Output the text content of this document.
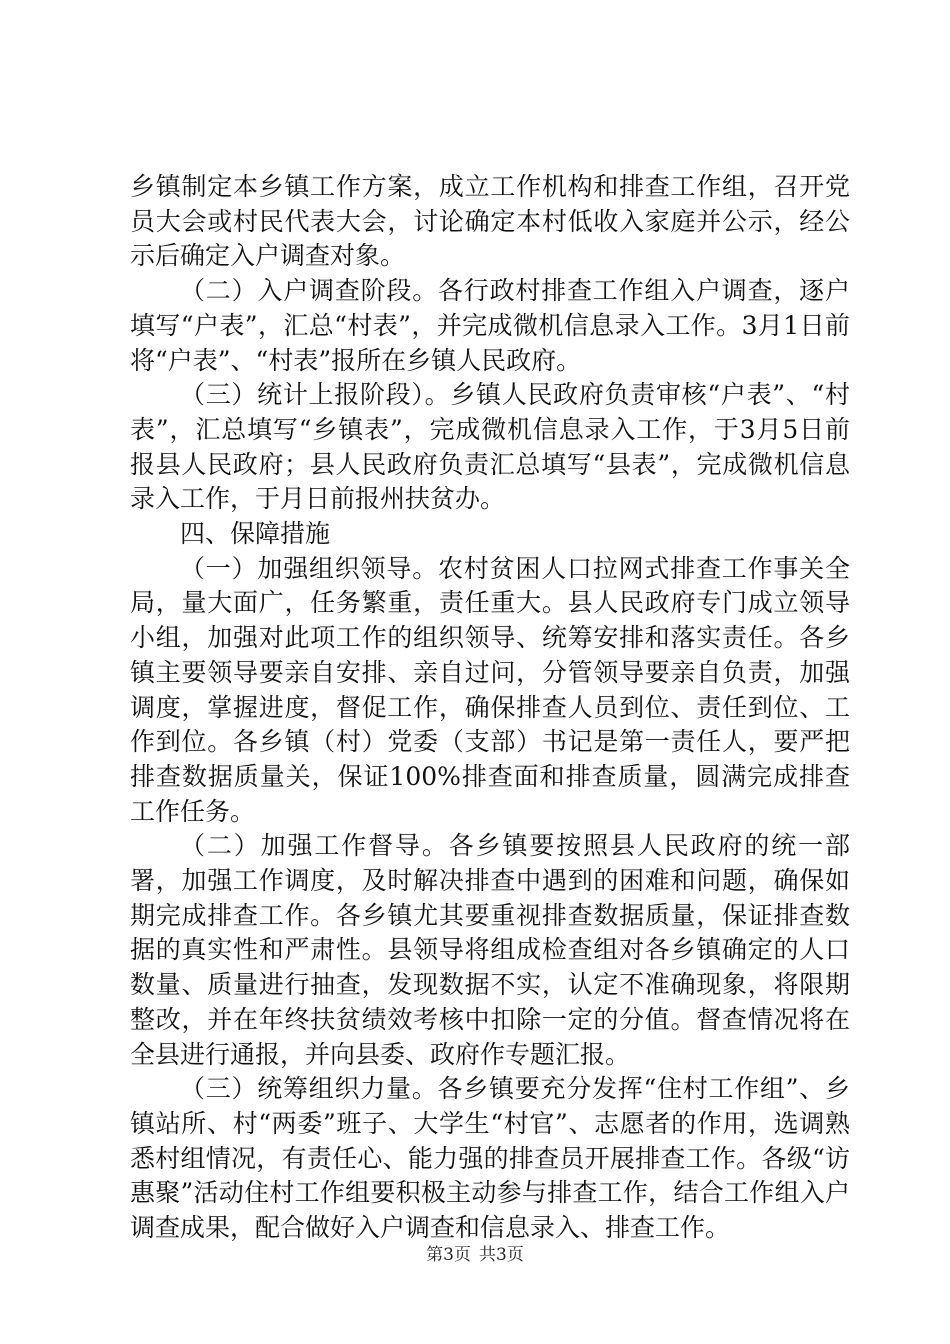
乡镇制定本乡镇工作方案，成立工作机构和排查工作组，召开党员大会或村民代表大会，讨论确定本村低收入家庭并公示，经公示后确定入户调查对象。

（二）入户调查阶段。各行政村排查工作组入户调查，逐户填写“户表”，汇总“村表”，并完成微机信息录入工作。3月1日前将“户表”、“村表”报所在乡镇人民政府。

（三）统计上报阶段）。乡镇人民政府负责审核“户表”、“村表”，汇总填写“乡镇表”，完成微机信息录入工作，于3月5日前报县人民政府；县人民政府负责汇总填写“县表”，完成微机信息录入工作，于月日前报州扶贫办。

四、保障措施

（一）加强组织领导。农村贫困人口拉网式排查工作事关全局，量大面广，任务繁重，责任重大。县人民政府专门成立领导小组，加强对此项工作的组织领导、统筹安排和落实责任。各乡镇主要领导要亲自安排、亲自过问，分管领导要亲自负责，加强调度，掌握进度，督促工作，确保排查人员到位、责任到位、工作到位。各乡镇（村）党委（支部）书记是第一责任人，要严把排查数据质量关，保证100%排查面和排查质量，圆满完成排查工作任务。

（二）加强工作督导。各乡镇要按照县人民政府的统一部署，加强工作调度，及时解决排查中遇到的困难和问题，确保如期完成排查工作。各乡镇尤其要重视排查数据质量，保证排查数据的真实性和严肃性。县领导将组成检查组对各乡镇确定的人口数量、质量进行抽查，发现数据不实，认定不准确现象，将限期整改，并在年终扶贫绩效考核中扣除一定的分值。督查情况将在全县进行通报，并向县委、政府作专题汇报。

（三）统筹组织力量。各乡镇要充分发挥“住村工作组”、乡镇站所、村“两委”班子、大学生“村官”、志愿者的作用，选调熟悉村组情况，有责任心、能力强的排查员开展排查工作。各级“访惠聚”活动住村工作组要积极主动参与排查工作，结合工作组入户调查成果，配合做好入户调查和信息录入、排查工作。

第3页 共3页
